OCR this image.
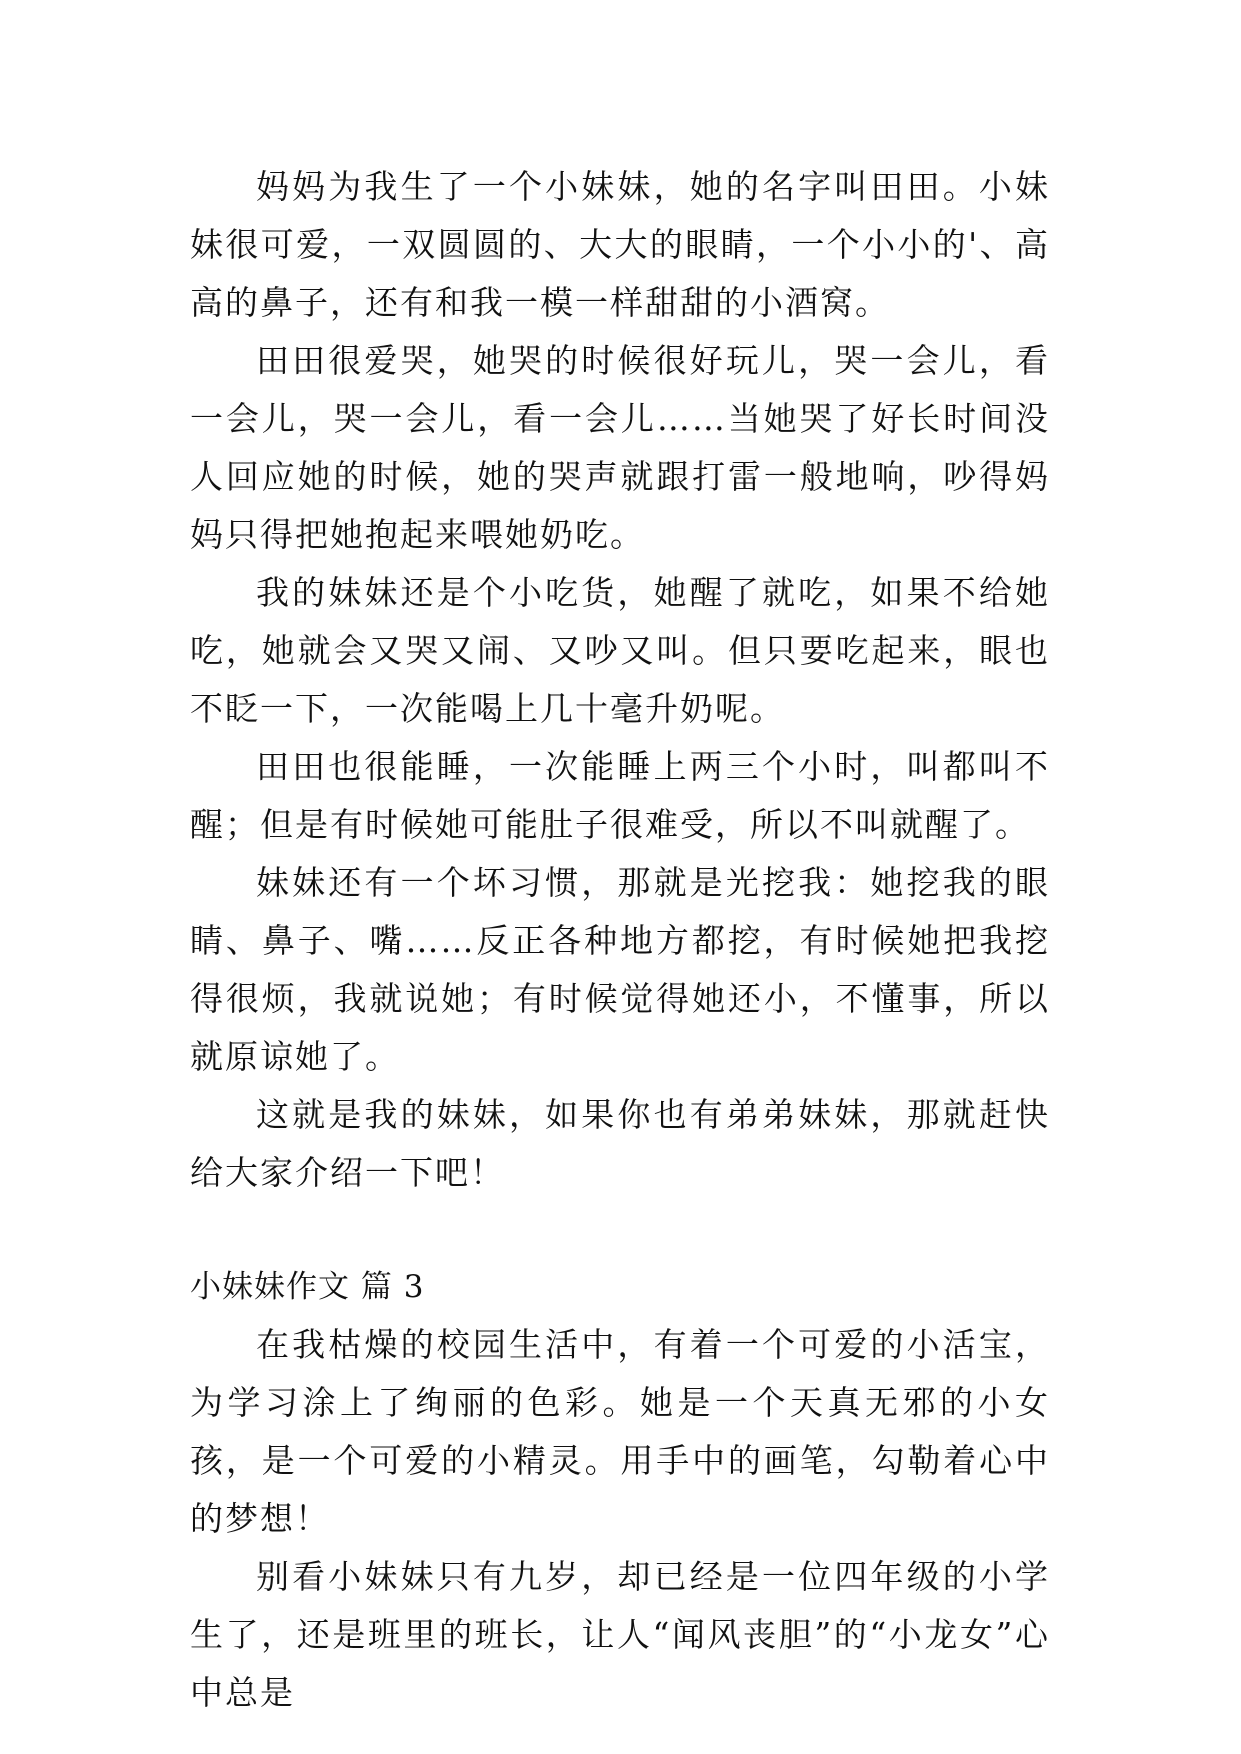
妈妈为我生了一个小妹妹，她的名字叫田田。小妹妹很可爱，一双圆圆的、大大的眼睛，一个小小的'、高高的鼻子，还有和我一模一样甜甜的小酒窝。

田田很爱哭，她哭的时候很好玩儿，哭一会儿，看一会儿，哭一会儿，看一会儿……当她哭了好长时间没人回应她的时候，她的哭声就跟打雷一般地响，吵得妈妈只得把她抱起来喂她奶吃。

我的妹妹还是个小吃货，她醒了就吃，如果不给她吃，她就会又哭又闹、又吵又叫。但只要吃起来，眼也不眨一下，一次能喝上几十毫升奶呢。

田田也很能睡，一次能睡上两三个小时，叫都叫不醒；但是有时候她可能肚子很难受，所以不叫就醒了。

妹妹还有一个坏习惯，那就是光挖我：她挖我的眼睛、鼻子、嘴……反正各种地方都挖，有时候她把我挖得很烦，我就说她；有时候觉得她还小，不懂事，所以就原谅她了。

这就是我的妹妹，如果你也有弟弟妹妹，那就赶快给大家介绍一下吧！

小妹妹作文 篇 3

在我枯燥的校园生活中，有着一个可爱的小活宝，为学习涂上了绚丽的色彩。她是一个天真无邪的小女孩，是一个可爱的小精灵。用手中的画笔，勾勒着心中的梦想！

别看小妹妹只有九岁，却已经是一位四年级的小学生了，还是班里的班长，让人“闻风丧胆”的“小龙女”心中总是
